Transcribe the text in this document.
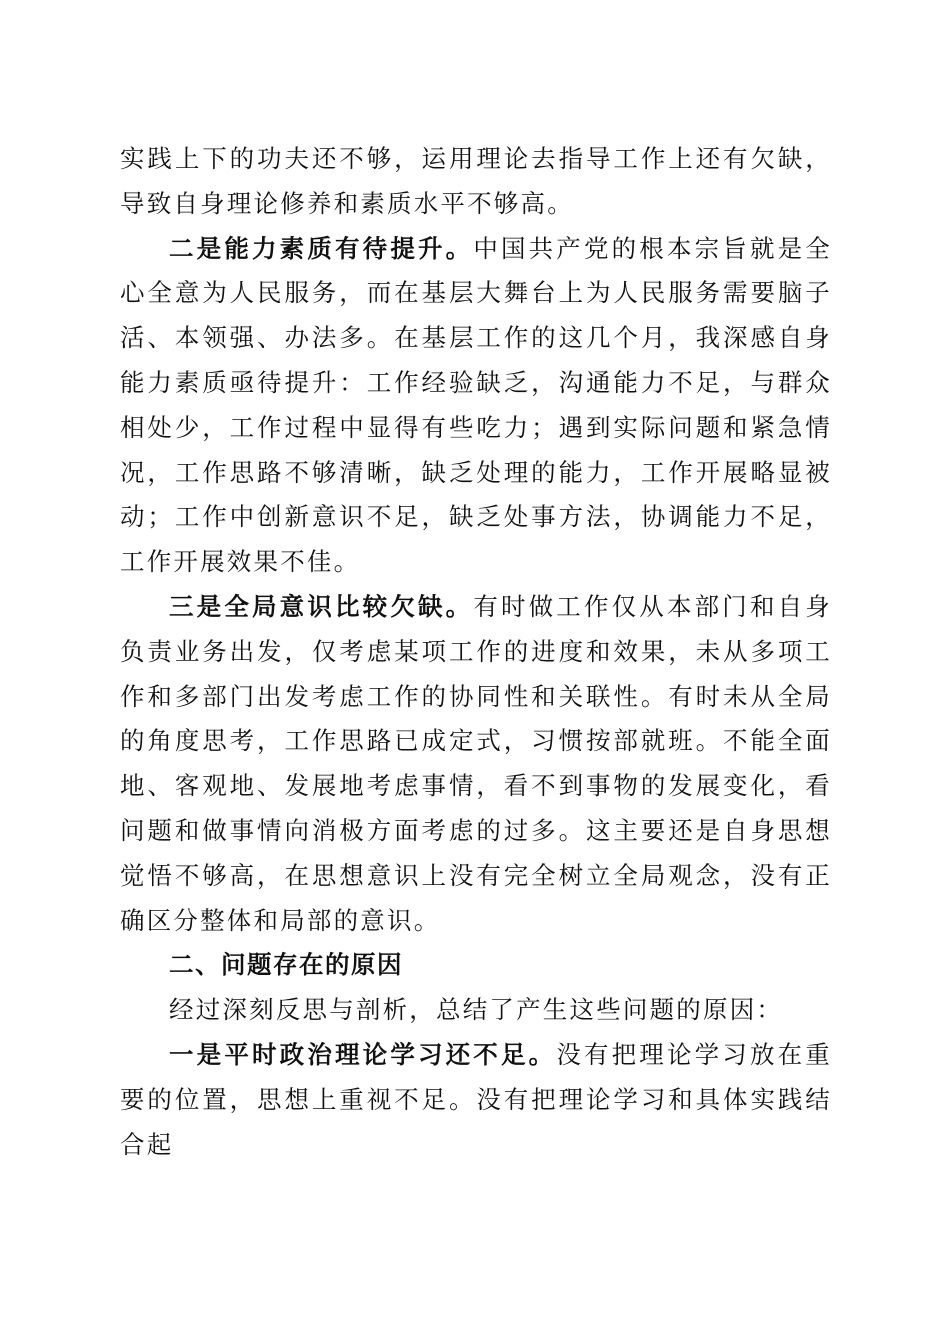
实践上下的功夫还不够，运用理论去指导工作上还有欠缺，导致自身理论修养和素质水平不够高。

二是能力素质有待提升。中国共产党的根本宗旨就是全心全意为人民服务，而在基层大舞台上为人民服务需要脑子活、本领强、办法多。在基层工作的这几个月，我深感自身能力素质亟待提升：工作经验缺乏，沟通能力不足，与群众相处少，工作过程中显得有些吃力；遇到实际问题和紧急情况，工作思路不够清晰，缺乏处理的能力，工作开展略显被动；工作中创新意识不足，缺乏处事方法，协调能力不足，工作开展效果不佳。

三是全局意识比较欠缺。有时做工作仅从本部门和自身负责业务出发，仅考虑某项工作的进度和效果，未从多项工作和多部门出发考虑工作的协同性和关联性。有时未从全局的角度思考，工作思路已成定式，习惯按部就班。不能全面地、客观地、发展地考虑事情，看不到事物的发展变化，看问题和做事情向消极方面考虑的过多。这主要还是自身思想觉悟不够高，在思想意识上没有完全树立全局观念，没有正确区分整体和局部的意识。

二、问题存在的原因

经过深刻反思与剖析，总结了产生这些问题的原因：

一是平时政治理论学习还不足。没有把理论学习放在重要的位置，思想上重视不足。没有把理论学习和具体实践结合起
